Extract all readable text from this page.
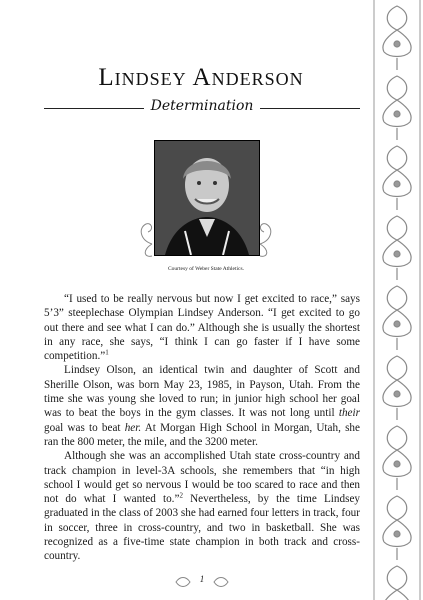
Lindsey Anderson
Determination
Courtesy of Weber State Athletics.

“I used to be really nervous but now I get excited to race,” says 5’3” steeplechase Olympian Lindsey Anderson. “I get excited to go out there and see what I can do.” Although she is usually the shortest in any race, she says, “I think I can go faster if I have some competition.”$^1$

Lindsey Olson, an identical twin and daughter of Scott and Sherille Olson, was born May 23, 1985, in Payson, Utah. From the time she was young she loved to run; in junior high school her goal was to beat the boys in the gym classes. It was not long until their goal was to beat her. At Morgan High School in Morgan, Utah, she ran the 800 meter, the mile, and the 3200 meter.

Although she was an accomplished Utah state cross-country and track champion in level-3A schools, she remembers that “in high school I would get so nervous I would be too scared to race and then not do what I wanted to.”$^2$ Nevertheless, by the time Lindsey graduated in the class of 2003 she had earned four letters in track, four in soccer, three in cross-country, and two in basketball. She was recognized as a five-time state champion in both track and cross-country.

1
